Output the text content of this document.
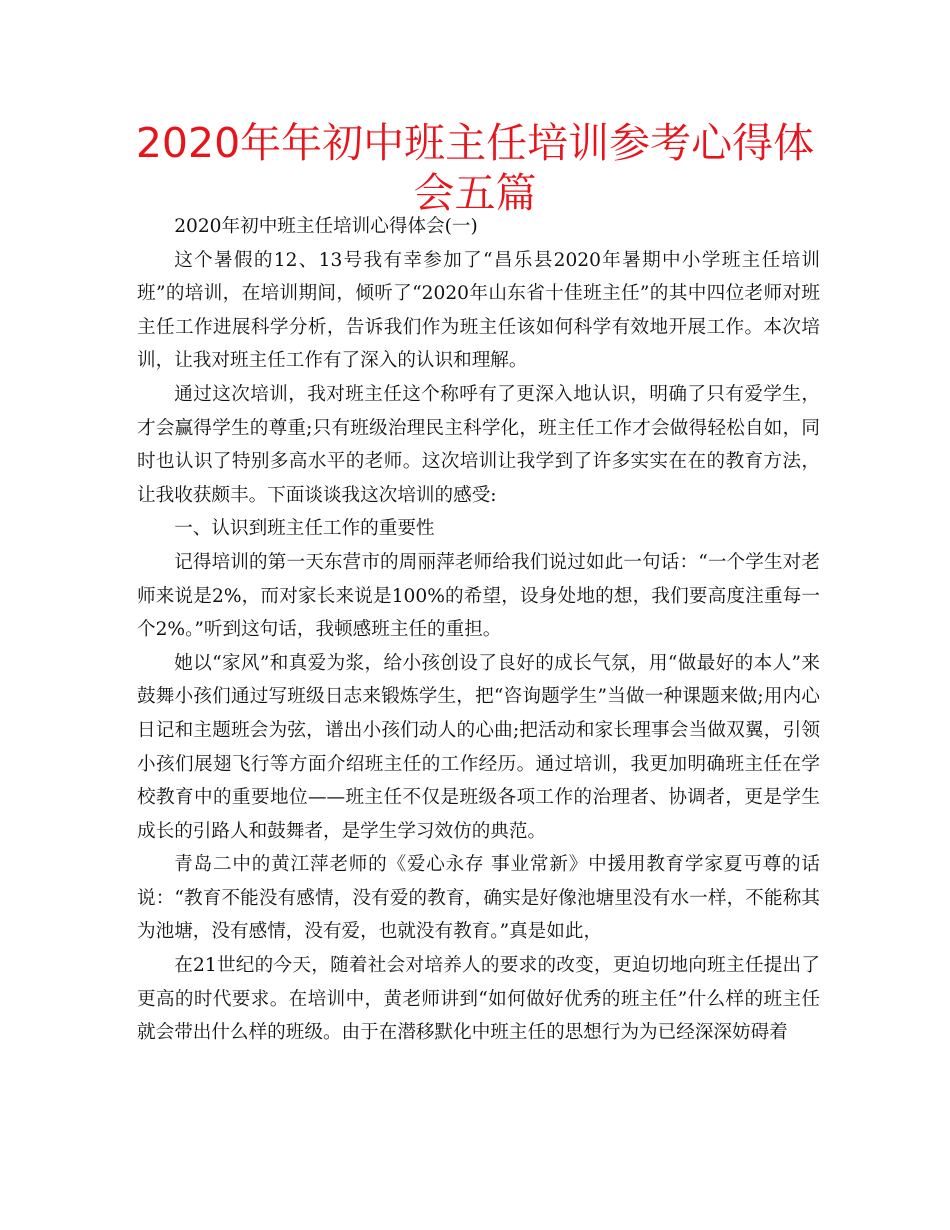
2020年年初中班主任培训参考心得体会五篇

2020年初中班主任培训心得体会(一)

这个暑假的12、13号我有幸参加了“昌乐县2020年暑期中小学班主任培训班”的培训，在培训期间，倾听了“2020年山东省十佳班主任”的其中四位老师对班主任工作进展科学分析，告诉我们作为班主任该如何科学有效地开展工作。本次培训，让我对班主任工作有了深入的认识和理解。

通过这次培训，我对班主任这个称呼有了更深入地认识，明确了只有爱学生，才会赢得学生的尊重;只有班级治理民主科学化，班主任工作才会做得轻松自如，同时也认识了特别多高水平的老师。这次培训让我学到了许多实实在在的教育方法，让我收获颇丰。下面谈谈我这次培训的感受:

一、认识到班主任工作的重要性

记得培训的第一天东营市的周丽萍老师给我们说过如此一句话：“一个学生对老师来说是2%，而对家长来说是100%的希望，设身处地的想，我们要高度注重每一个2%。”听到这句话，我顿感班主任的重担。

她以“家风”和真爱为浆，给小孩创设了良好的成长气氛，用“做最好的本人”来鼓舞小孩们通过写班级日志来锻炼学生，把“咨询题学生”当做一种课题来做;用内心日记和主题班会为弦，谱出小孩们动人的心曲;把活动和家长理事会当做双翼，引领小孩们展翅飞行等方面介绍班主任的工作经历。通过培训，我更加明确班主任在学校教育中的重要地位——班主任不仅是班级各项工作的治理者、协调者，更是学生成长的引路人和鼓舞者，是学生学习效仿的典范。

青岛二中的黄江萍老师的《爱心永存 事业常新》中援用教育学家夏丏尊的话说：“教育不能没有感情，没有爱的教育，确实是好像池塘里没有水一样，不能称其为池塘，没有感情，没有爱，也就没有教育。”真是如此，

在21世纪的今天，随着社会对培养人的要求的改变，更迫切地向班主任提出了更高的时代要求。在培训中，黄老师讲到“如何做好优秀的班主任”什么样的班主任就会带出什么样的班级。由于在潜移默化中班主任的思想行为为已经深深妨碍着
